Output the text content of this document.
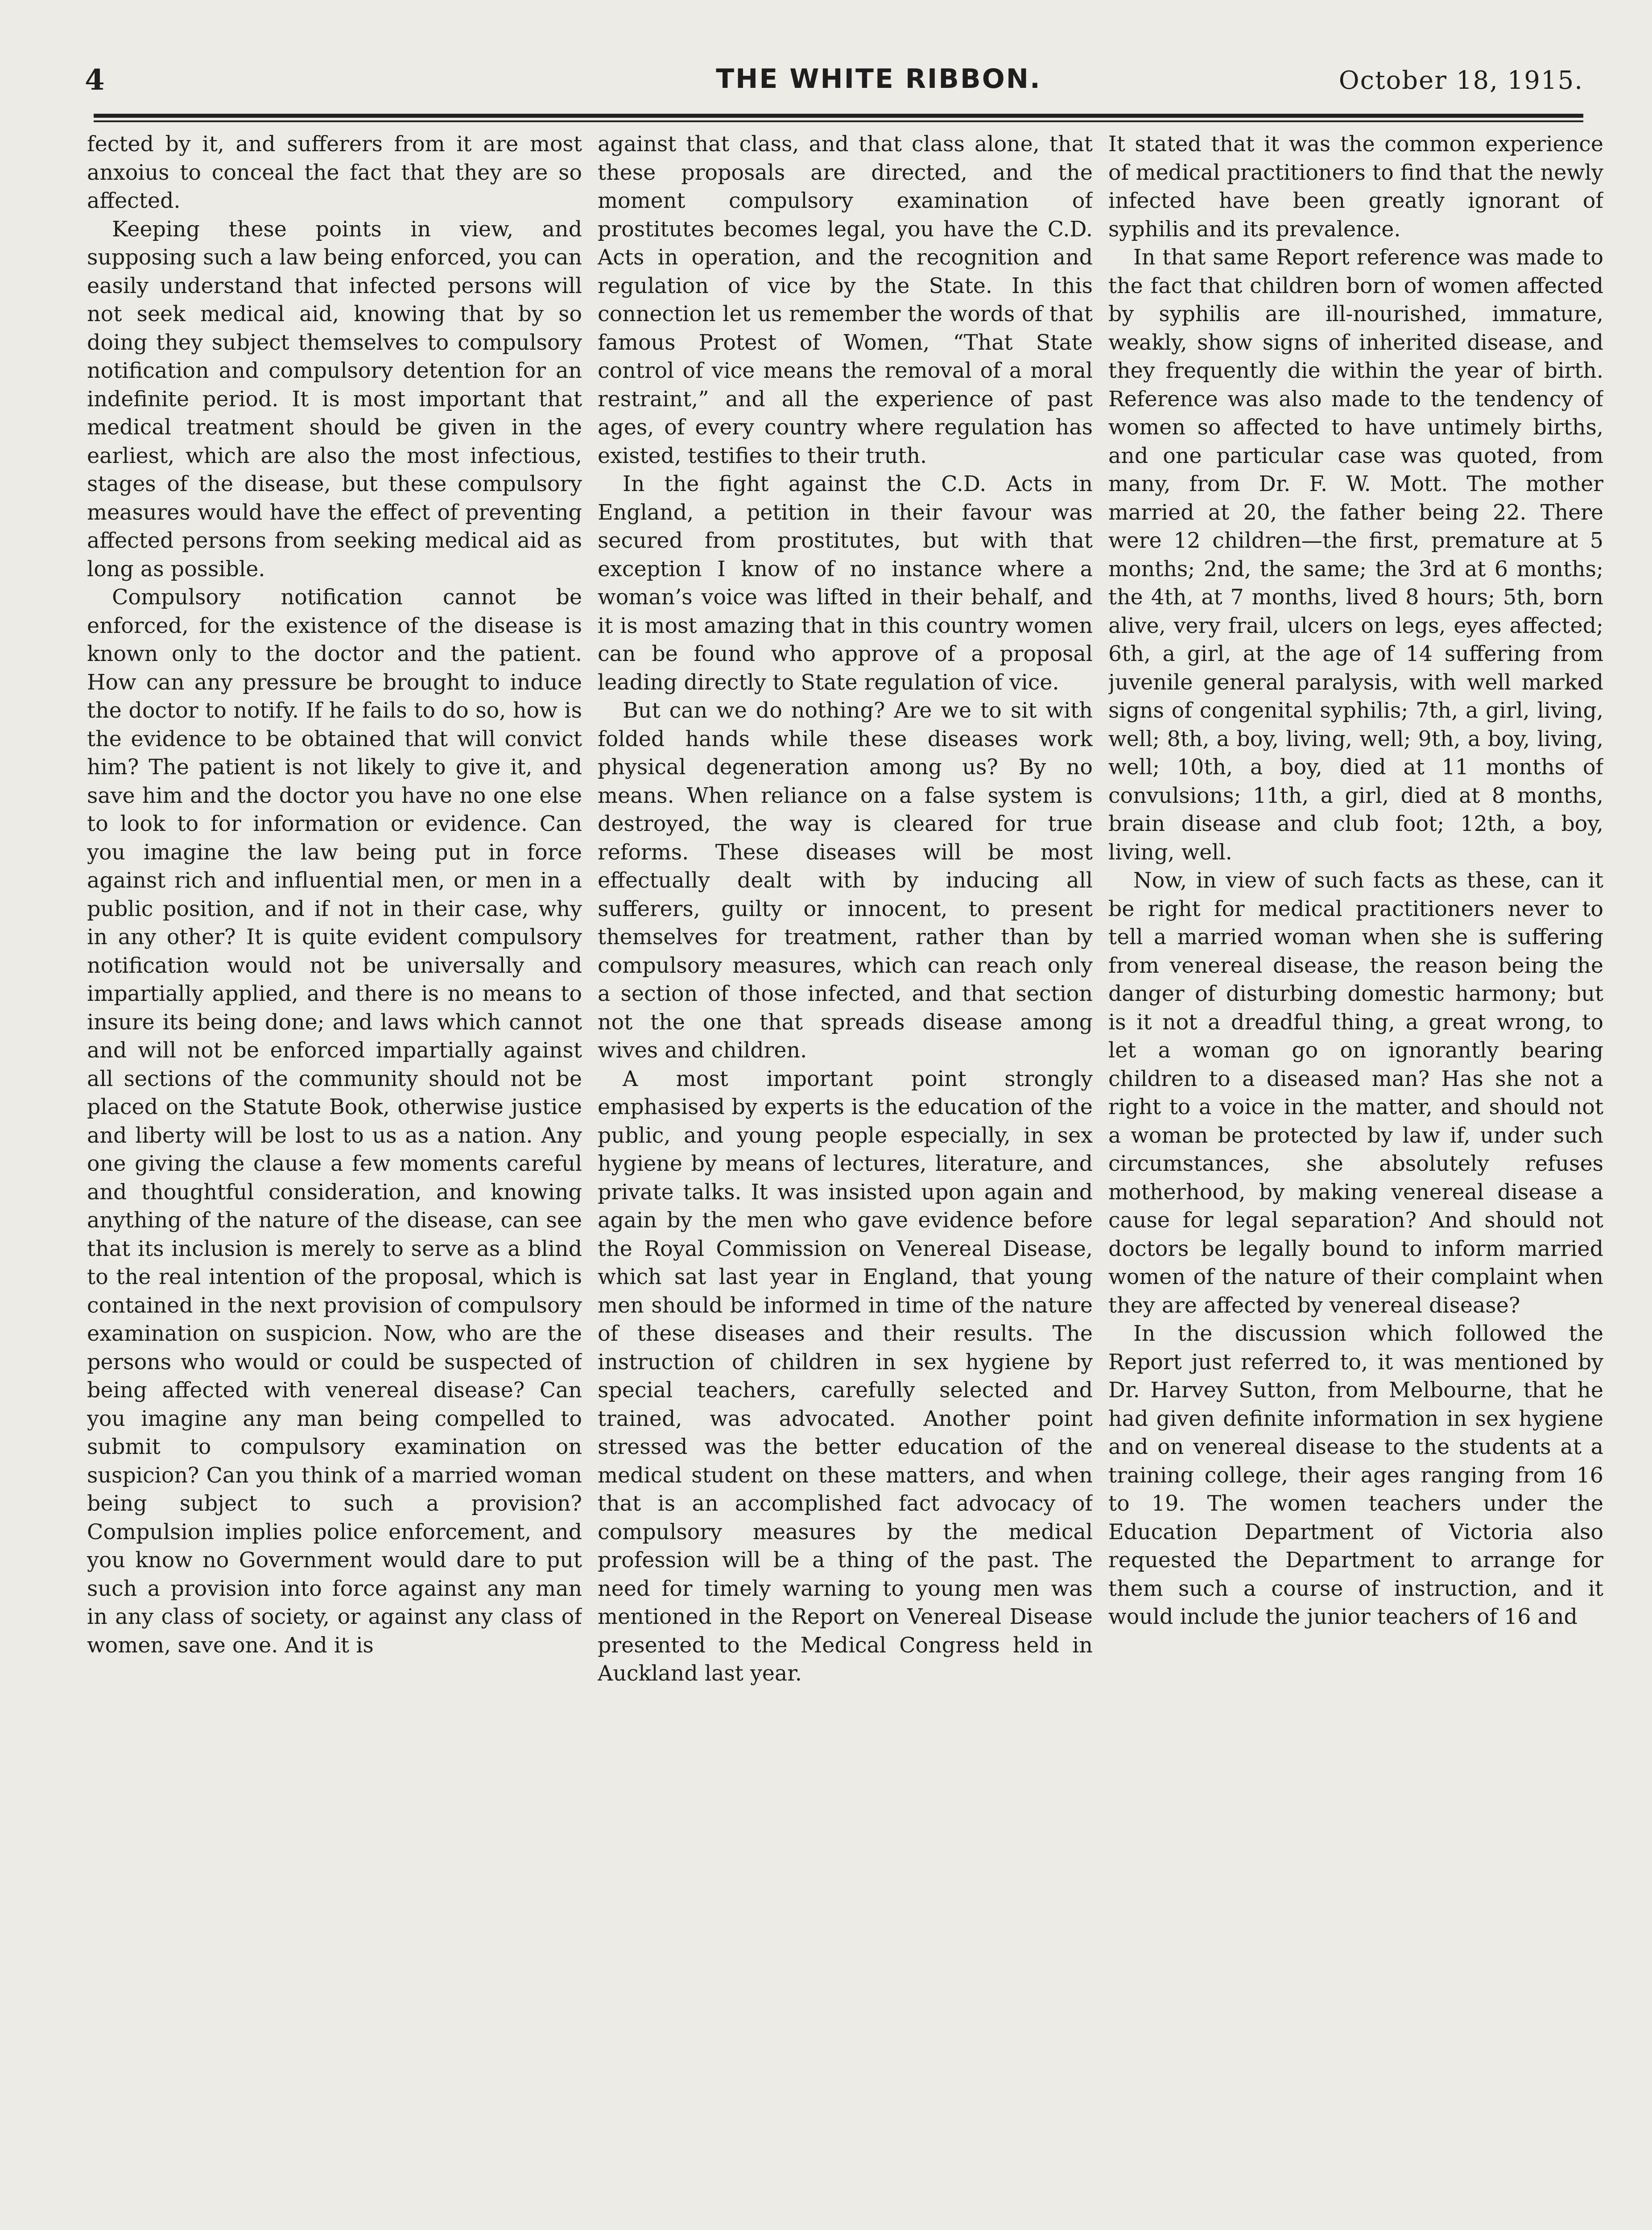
4	THE WHITE RIBBON.	October 18, 1915.

fected by it, and sufferers from it are most anxoius to conceal the fact that they are so affected.

Keeping these points in view, and supposing such a law being enforced, you can easily understand that infected persons will not seek medical aid, knowing that by so doing they subject themselves to compulsory notification and compulsory detention for an indefinite period. It is most important that medical treatment should be given in the earliest, which are also the most infectious, stages of the disease, but these compulsory measures would have the effect of preventing affected persons from seeking medical aid as long as possible.

Compulsory notification cannot be enforced, for the existence of the disease is known only to the doctor and the patient. How can any pressure be brought to induce the doctor to notify. If he fails to do so, how is the evidence to be obtained that will convict him? The patient is not likely to give it, and save him and the doctor you have no one else to look to for information or evidence. Can you imagine the law being put in force against rich and influential men, or men in a public position, and if not in their case, why in any other? It is quite evident compulsory notification would not be universally and impartially applied, and there is no means to insure its being done; and laws which cannot and will not be enforced impartially against all sections of the community should not be placed on the Statute Book, otherwise justice and liberty will be lost to us as a nation. Any one giving the clause a few moments careful and thoughtful consideration, and knowing anything of the nature of the disease, can see that its inclusion is merely to serve as a blind to the real intention of the proposal, which is contained in the next provision of compulsory examination on suspicion. Now, who are the persons who would or could be suspected of being affected with venereal disease? Can you imagine any man being compelled to submit to compulsory examination on suspicion? Can you think of a married woman being subject to such a provision? Compulsion implies police enforcement, and you know no Government would dare to put such a provision into force against any man in any class of society, or against any class of women, save one. And it is

against that class, and that class alone, that these proposals are directed, and the moment compulsory examination of prostitutes becomes legal, you have the C.D. Acts in operation, and the recognition and regulation of vice by the State. In this connection let us remember the words of that famous Protest of Women, “That State control of vice means the removal of a moral restraint,” and all the experience of past ages, of every country where regulation has existed, testifies to their truth.

In the fight against the C.D. Acts in England, a petition in their favour was secured from prostitutes, but with that exception I know of no instance where a woman’s voice was lifted in their behalf, and it is most amazing that in this country women can be found who approve of a proposal leading directly to State regulation of vice.

But can we do nothing? Are we to sit with folded hands while these diseases work physical degeneration among us? By no means. When reliance on a false system is destroyed, the way is cleared for true reforms. These diseases will be most effectually dealt with by inducing all sufferers, guilty or innocent, to present themselves for treatment, rather than by compulsory measures, which can reach only a section of those infected, and that section not the one that spreads disease among wives and children.

A most important point strongly emphasised by experts is the education of the public, and young people especially, in sex hygiene by means of lectures, literature, and private talks. It was insisted upon again and again by the men who gave evidence before the Royal Commission on Venereal Disease, which sat last year in England, that young men should be informed in time of the nature of these diseases and their results. The instruction of children in sex hygiene by special teachers, carefully selected and trained, was advocated. Another point stressed was the better education of the medical student on these matters, and when that is an accomplished fact advocacy of compulsory measures by the medical profession will be a thing of the past. The need for timely warning to young men was mentioned in the Report on Venereal Disease presented to the Medical Congress held in Auckland last year.

It stated that it was the common experience of medical practitioners to find that the newly infected have been greatly ignorant of syphilis and its prevalence.

In that same Report reference was made to the fact that children born of women affected by syphilis are ill-nourished, immature, weakly, show signs of inherited disease, and they frequently die within the year of birth. Reference was also made to the tendency of women so affected to have untimely births, and one particular case was quoted, from many, from Dr. F. W. Mott. The mother married at 20, the father being 22. There were 12 children—the first, premature at 5 months; 2nd, the same; the 3rd at 6 months; the 4th, at 7 months, lived 8 hours; 5th, born alive, very frail, ulcers on legs, eyes affected; 6th, a girl, at the age of 14 suffering from juvenile general paralysis, with well marked signs of congenital syphilis; 7th, a girl, living, well; 8th, a boy, living, well; 9th, a boy, living, well; 10th, a boy, died at 11 months of convulsions; 11th, a girl, died at 8 months, brain disease and club foot; 12th, a boy, living, well.

Now, in view of such facts as these, can it be right for medical practitioners never to tell a married woman when she is suffering from venereal disease, the reason being the danger of disturbing domestic harmony; but is it not a dreadful thing, a great wrong, to let a woman go on ignorantly bearing children to a diseased man? Has she not a right to a voice in the matter, and should not a woman be protected by law if, under such circumstances, she absolutely refuses motherhood, by making venereal disease a cause for legal separation? And should not doctors be legally bound to inform married women of the nature of their complaint when they are affected by venereal disease?

In the discussion which followed the Report just referred to, it was mentioned by Dr. Harvey Sutton, from Melbourne, that he had given definite information in sex hygiene and on venereal disease to the students at a training college, their ages ranging from 16 to 19. The women teachers under the Education Department of Victoria also requested the Department to arrange for them such a course of instruction, and it would include the junior teachers of 16 and
